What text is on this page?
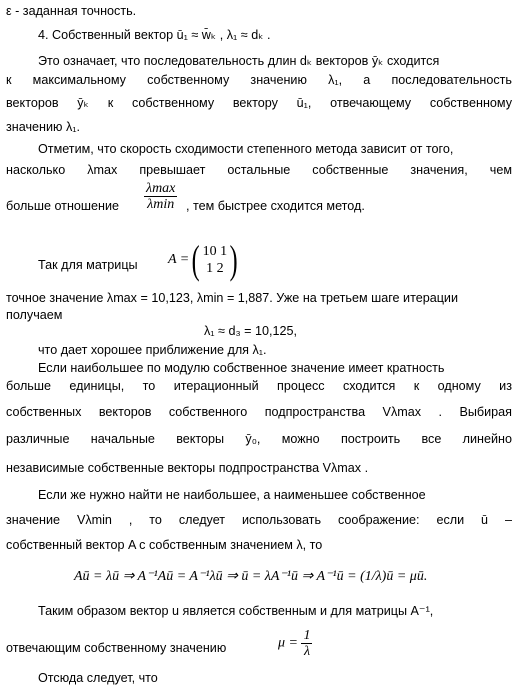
ε - заданная точность.
4. Собственный вектор ū₁ ≈ w̄ₖ , λ₁ ≈ dₖ .
Это означает, что последовательность длин dₖ векторов ȳₖ сходится
к максимальному собственному значению λ₁, а последовательность
векторов ȳₖ к собственному вектору ū₁, отвечающему собственному
значению λ₁.
Отметим, что скорость сходимости степенного метода зависит от того,
насколько λmax превышает остальные собственные значения, чем
больше отношение $\frac{\lambda\max}{\lambda\min}$ , тем быстрее сходится метод.
Так для матрицы A = ( 10 1
1 2 )
точное значение λmax = 10,123, λmin = 1,887. Уже на третьем шаге итерации
получаем
λ₁ ≈ d₃ = 10,125,
что дает хорошее приближение для λ₁.
Если наибольшее по модулю собственное значение имеет кратность
больше единицы, то итерационный процесс сходится к одному из
собственных векторов собственного подпространства Vλmax . Выбирая
различные начальные векторы ȳ₀, можно построить все линейно
независимые собственные векторы подпространства Vλmax .
Если же нужно найти не наибольшее, а наименьшее собственное
значение Vλmin , то следует использовать соображение: если ū –
собственный вектор A с собственным значением λ, то
Aū = λū ⇒ A⁻¹Aū = A⁻¹λū ⇒ ū = λA⁻¹ū ⇒ A⁻¹ū = (1/λ)ū = μū.
Таким образом вектор u является собственным и для матрицы A⁻¹,
отвечающим собственному значению	$\mu = \frac{1}{\lambda}$
Отсюда следует, что
